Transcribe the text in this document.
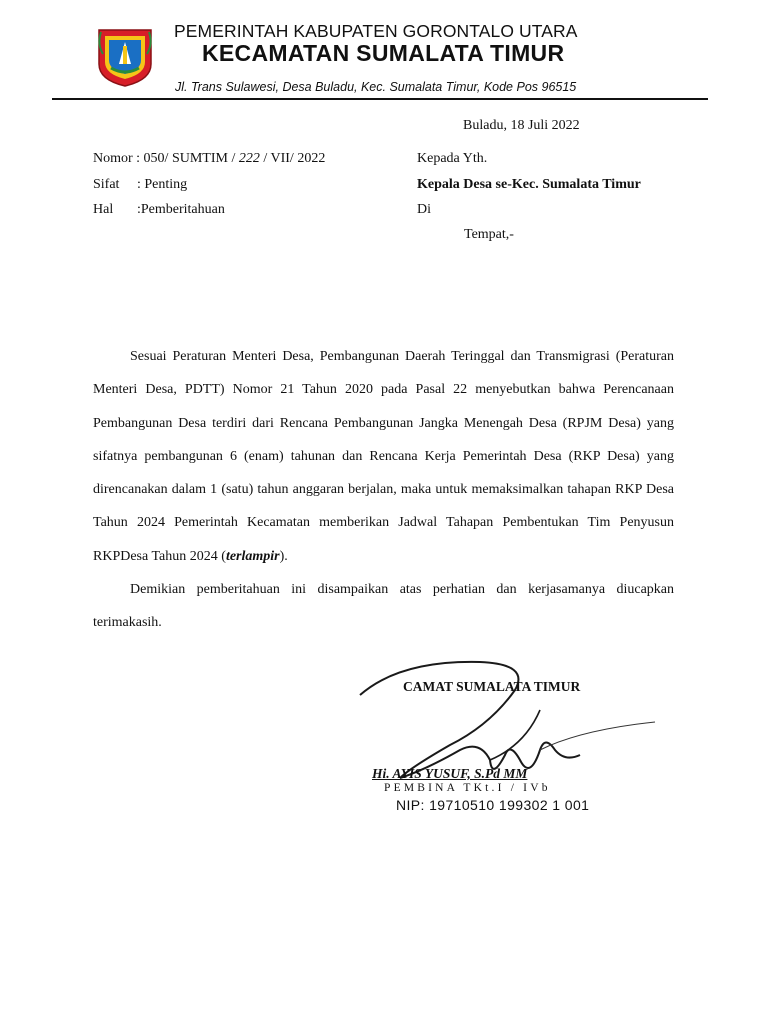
PEMERINTAH KABUPATEN GORONTALO UTARA
KECAMATAN SUMALATA TIMUR
Jl. Trans Sulawesi, Desa Buladu, Kec. Sumalata Timur, Kode Pos 96515
Buladu, 18 Juli 2022
Nomor : 050/ SUMTIM / 222 / VII/ 2022
Sifat : Penting
Hal :Pemberitahuan
Kepada Yth.
Kepala Desa se-Kec. Sumalata Timur
Di
Tempat,-

Sesuai Peraturan Menteri Desa, Pembangunan Daerah Teringgal dan Transmigrasi (Peraturan Menteri Desa, PDTT) Nomor 21 Tahun 2020 pada Pasal 22 menyebutkan bahwa Perencanaan Pembangunan Desa terdiri dari Rencana Pembangunan Jangka Menengah Desa (RPJM Desa) yang sifatnya pembangunan 6 (enam) tahunan dan Rencana Kerja Pemerintah Desa (RKP Desa) yang direncanakan dalam 1 (satu) tahun anggaran berjalan, maka untuk memaksimalkan tahapan RKP Desa Tahun 2024 Pemerintah Kecamatan memberikan Jadwal Tahapan Pembentukan Tim Penyusun RKPDesa Tahun 2024 (terlampir).

Demikian pemberitahuan ini disampaikan atas perhatian dan kerjasamanya diucapkan terimakasih.

CAMAT SUMALATA TIMUR
Hi. AYIS YUSUF, S.Pd MM
PEMBINA TKt.I / IVb
NIP: 19710510 199302 1 001
